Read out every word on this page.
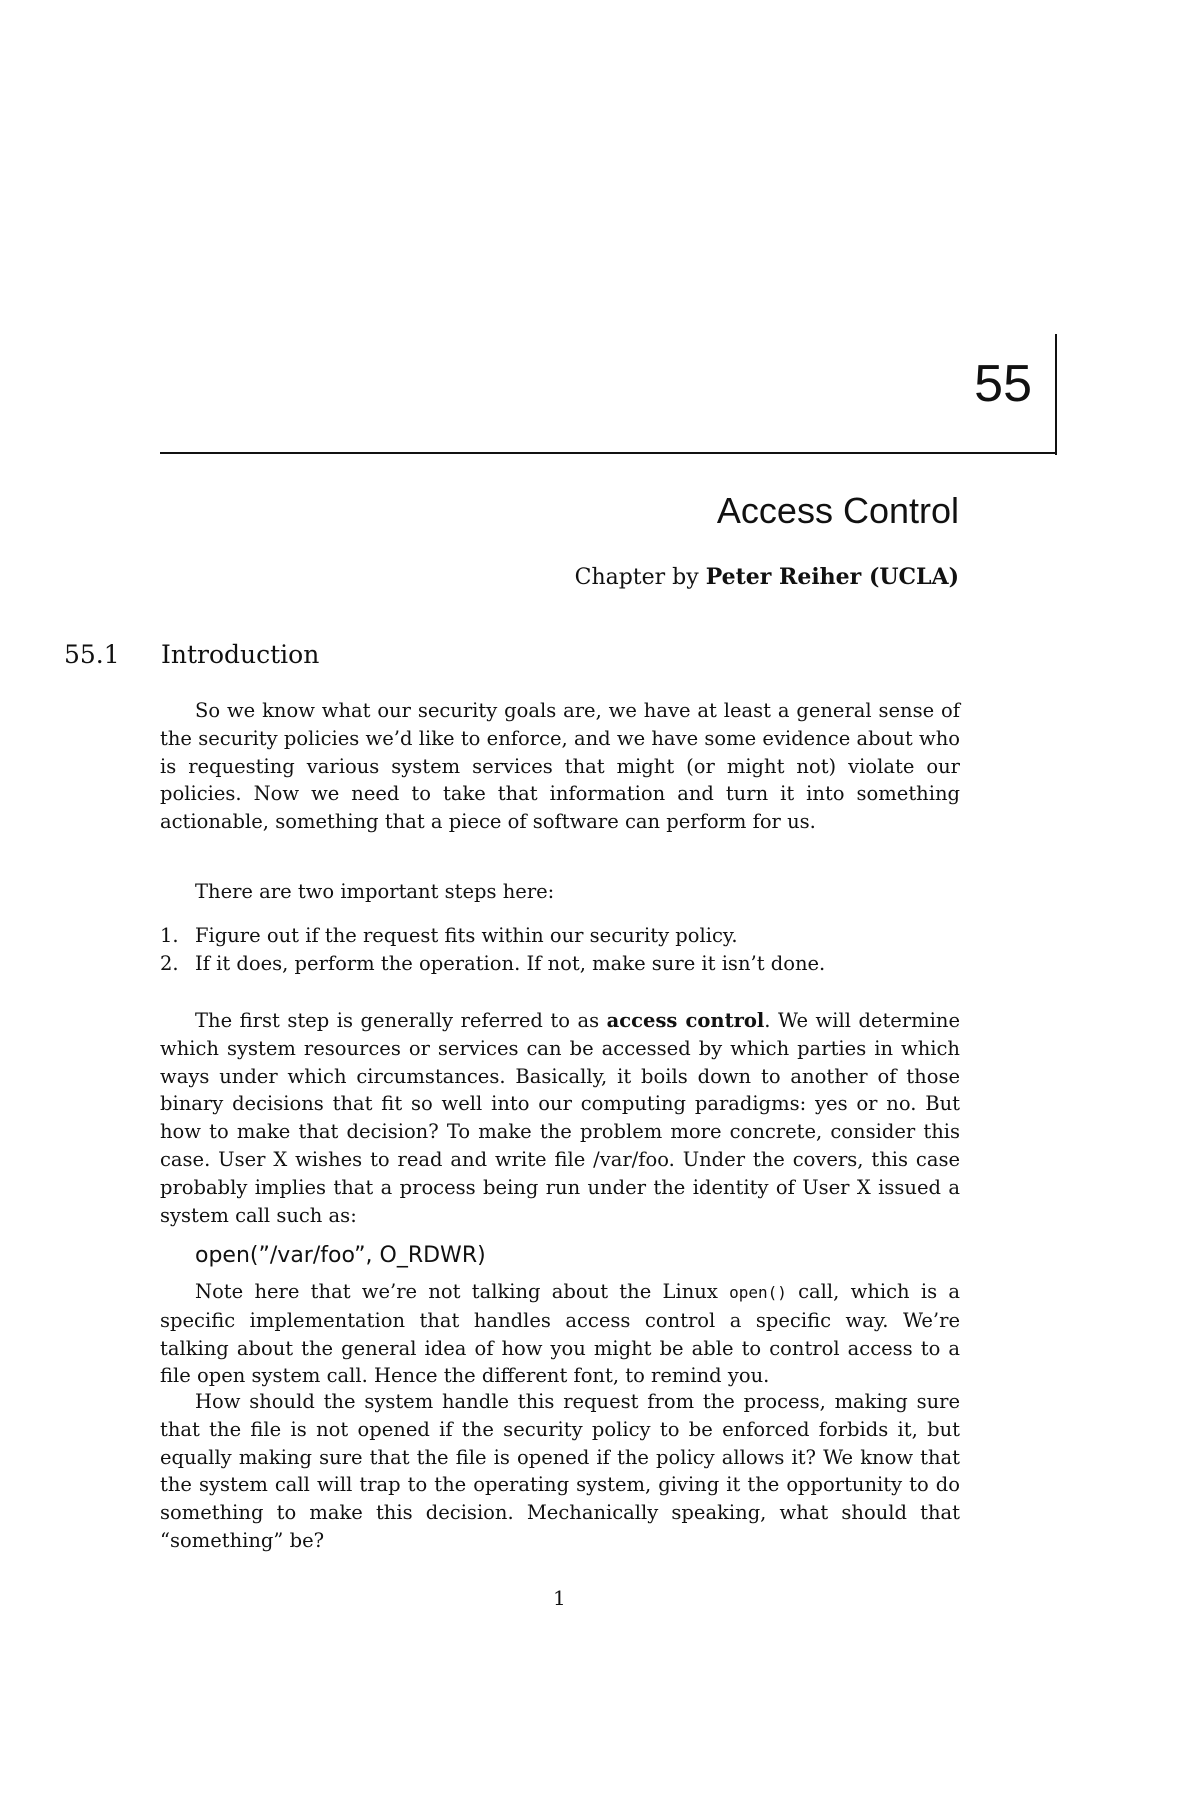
55
Access Control
Chapter by Peter Reiher (UCLA)
55.1 Introduction

So we know what our security goals are, we have at least a general sense of the security policies we’d like to enforce, and we have some evidence about who is requesting various system services that might (or might not) violate our policies. Now we need to take that information and turn it into something actionable, something that a piece of software can perform for us.

There are two important steps here:

1. Figure out if the request fits within our security policy.
2. If it does, perform the operation. If not, make sure it isn’t done.

The first step is generally referred to as access control. We will determine which system resources or services can be accessed by which parties in which ways under which circumstances. Basically, it boils down to another of those binary decisions that fit so well into our computing paradigms: yes or no. But how to make that decision? To make the problem more concrete, consider this case. User X wishes to read and write file /var/foo. Under the covers, this case probably implies that a process being run under the identity of User X issued a system call such as:

open(”/var/foo”, O_RDWR)

Note here that we’re not talking about the Linux open() call, which is a specific implementation that handles access control a specific way. We’re talking about the general idea of how you might be able to control access to a file open system call. Hence the different font, to remind you.

How should the system handle this request from the process, making sure that the file is not opened if the security policy to be enforced forbids it, but equally making sure that the file is opened if the policy allows it? We know that the system call will trap to the operating system, giving it the opportunity to do something to make this decision. Mechanically speaking, what should that “something” be?

1
